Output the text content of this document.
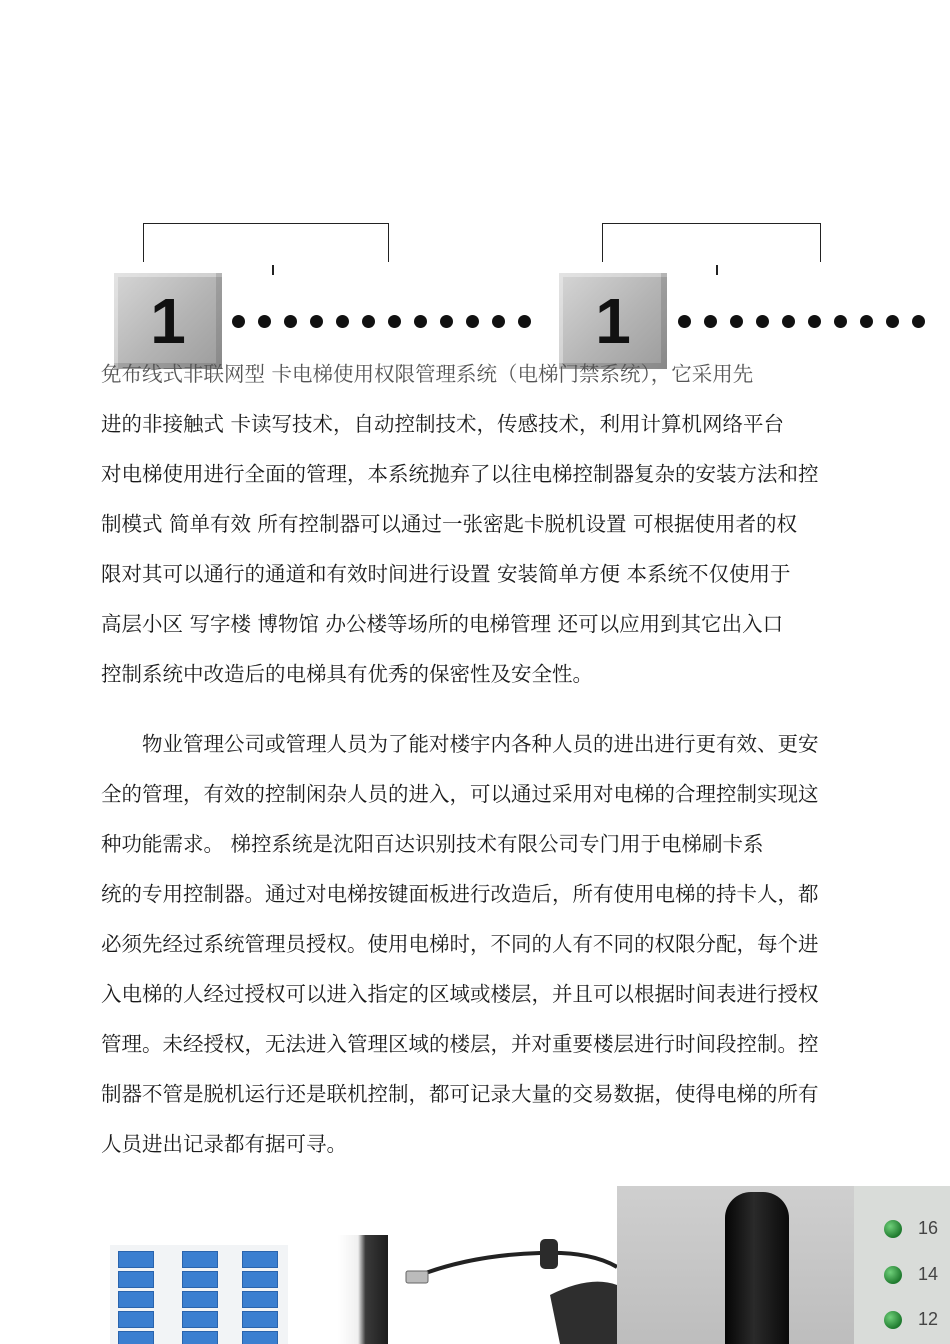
1	1
免布线式非联网型 卡电梯使用权限管理系统（电梯门禁系统），它采用先
进的非接触式 卡读写技术，自动控制技术，传感技术，利用计算机网络平台
对电梯使用进行全面的管理，本系统抛弃了以往电梯控制器复杂的安装方法和控
制模式 简单有效 所有控制器可以通过一张密匙卡脱机设置 可根据使用者的权
限对其可以通行的通道和有效时间进行设置 安装简单方便 本系统不仅使用于
高层小区 写字楼 博物馆 办公楼等场所的电梯管理 还可以应用到其它出入口
控制系统中改造后的电梯具有优秀的保密性及安全性。
　　物业管理公司或管理人员为了能对楼宇内各种人员的进出进行更有效、更安
全的管理，有效的控制闲杂人员的进入，可以通过采用对电梯的合理控制实现这
种功能需求。 梯控系统是沈阳百达识别技术有限公司专门用于电梯刷卡系
统的专用控制器。通过对电梯按键面板进行改造后，所有使用电梯的持卡人，都
必须先经过系统管理员授权。使用电梯时，不同的人有不同的权限分配，每个进
入电梯的人经过授权可以进入指定的区域或楼层，并且可以根据时间表进行授权
管理。未经授权，无法进入管理区域的楼层，并对重要楼层进行时间段控制。控
制器不管是脱机运行还是联机控制，都可记录大量的交易数据，使得电梯的所有
人员进出记录都有据可寻。
16
14
12
